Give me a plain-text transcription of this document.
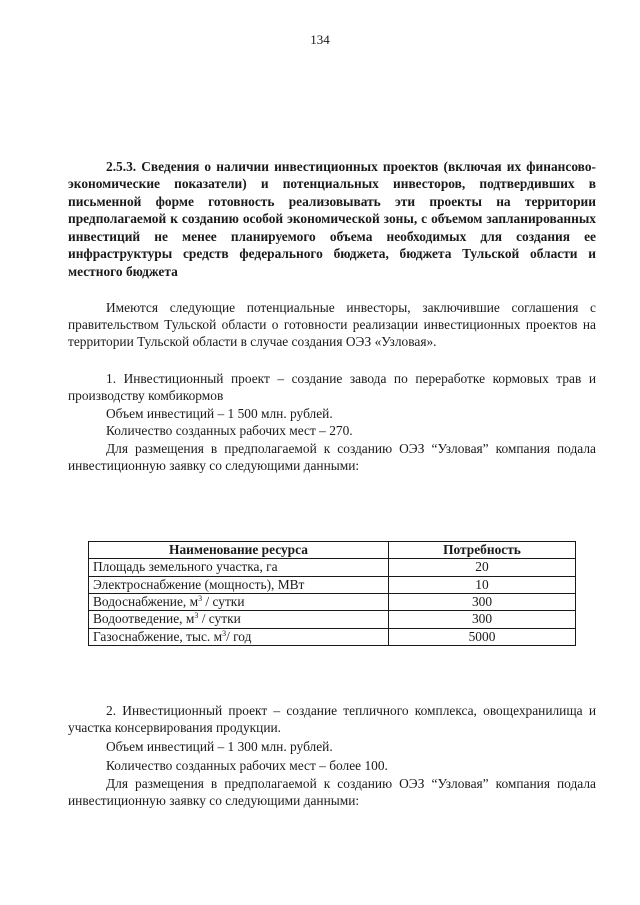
134
2.5.3. Сведения о наличии инвестиционных проектов (включая их финансово-экономические показатели) и потенциальных инвесторов, подтвердивших в письменной форме готовность реализовывать эти проекты на территории предполагаемой к созданию особой экономической зоны, с объемом запланированных инвестиций не менее планируемого объема необходимых для создания ее инфраструктуры средств федерального бюджета, бюджета Тульской области и местного бюджета

Имеются следующие потенциальные инвесторы, заключившие соглашения с правительством Тульской области о готовности реализации инвестиционных проектов на территории Тульской области в случае создания ОЭЗ «Узловая».

1. Инвестиционный проект – создание завода по переработке кормовых трав и производству комбикормов

Объем инвестиций – 1 500 млн. рублей.

Количество созданных рабочих мест – 270.

Для размещения в предполагаемой к созданию ОЭЗ “Узловая” компания подала инвестиционную заявку со следующими данными:

Наименование ресурса	Потребность
Площадь земельного участка, га	20
Электроснабжение (мощность), МВт	10
Водоснабжение, $м^3$ / сутки	300
Водоотведение, $м^3$ / сутки	300
Газоснабжение, тыс. $м^3/$ год	5000

2. Инвестиционный проект – создание тепличного комплекса, овощехранилища и участка консервирования продукции.

Объем инвестиций – 1 300 млн. рублей.

Количество созданных рабочих мест – более 100.

Для размещения в предполагаемой к созданию ОЭЗ “Узловая” компания подала инвестиционную заявку со следующими данными:
